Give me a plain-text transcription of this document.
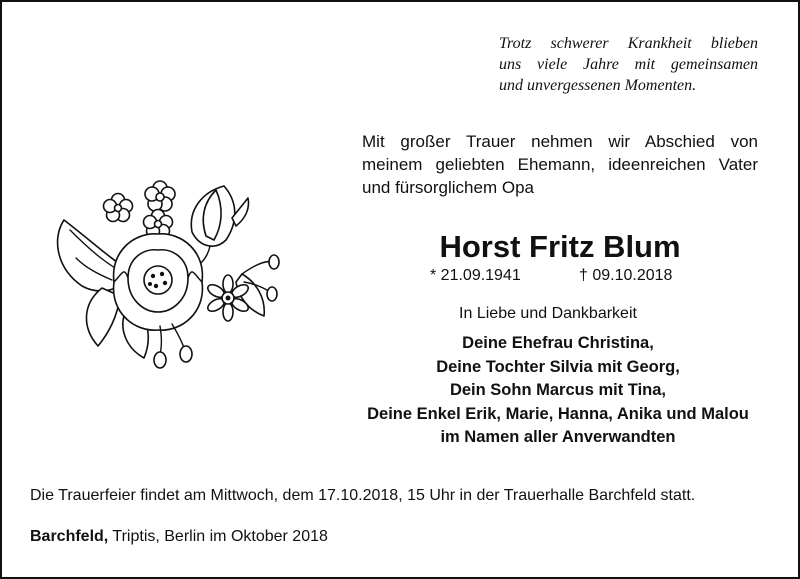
Trotz schwerer Krankheit blieben
uns viele Jahre mit gemeinsamen
und unvergessenen Momenten.
Mit großer Trauer nehmen wir Abschied von
meinem geliebten Ehemann, ideenreichen Vater
und fürsorglichem Opa
Horst Fritz Blum
* 21.09.1941	† 09.10.2018
In Liebe und Dankbarkeit
Deine Ehefrau Christina,
Deine Tochter Silvia mit Georg,
Dein Sohn Marcus mit Tina,
Deine Enkel Erik, Marie, Hanna, Anika und Malou
im Namen aller Anverwandten
Die Trauerfeier findet am Mittwoch, dem 17.10.2018, 15 Uhr in der Trauerhalle Barchfeld statt.
Barchfeld, Triptis, Berlin im Oktober 2018
